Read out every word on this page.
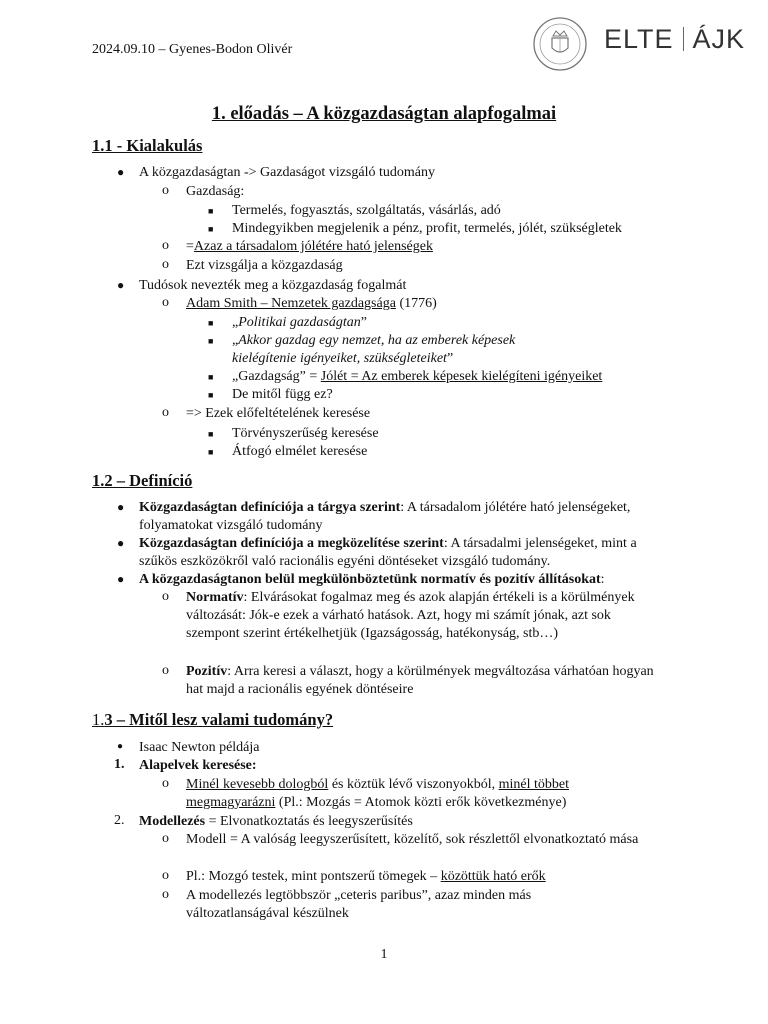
2024.09.10 – Gyenes-Bodon Olivér	ELTE ÁJK
1. előadás – A közgazdaságtan alapfogalmai
1.1 - Kialakulás
● A közgazdaságtan -> Gazdaságot vizsgáló tudomány
o Gazdaság:
■ Termelés, fogyasztás, szolgáltatás, vásárlás, adó
■ Mindegyikben megjelenik a pénz, profit, termelés, jólét, szükségletek
o =Azaz a társadalom jólétére ható jelenségek
o Ezt vizsgálja a közgazdaság
● Tudósok nevezték meg a közgazdaság fogalmát
o Adam Smith – Nemzetek gazdagsága (1776)
■ „Politikai gazdaságtan”
■ „Akkor gazdag egy nemzet, ha az emberek képesek kielégítenie igényeiket, szükségleteiket”
■ „Gazdagság” = Jólét = Az emberek képesek kielégíteni igényeiket
■ De mitől függ ez?
o => Ezek előfeltételének keresése
■ Törvényszerűség keresése
■ Átfogó elmélet keresése
1.2 – Definíció
● Közgazdaságtan definíciója a tárgya szerint: A társadalom jólétére ható jelenségeket, folyamatokat vizsgáló tudomány
● Közgazdaságtan definíciója a megközelítése szerint: A társadalmi jelenségeket, mint a szűkös eszközökről való racionális egyéni döntéseket vizsgáló tudomány.
● A közgazdaságtanon belül megkülönböztetünk normatív és pozitív állításokat:
o Normatív: Elvárásokat fogalmaz meg és azok alapján értékeli is a körülmények változását: Jók-e ezek a várható hatások. Azt, hogy mi számít jónak, azt sok szempont szerint értékelhetjük (Igazságosság, hatékonyság, stb…)
o Pozitív: Arra keresi a választ, hogy a körülmények megváltozása várhatóan hogyan hat majd a racionális egyének döntéseire
1.3 – Mitől lesz valami tudomány?
● Isaac Newton példája
1. Alapelvek keresése:
o Minél kevesebb dologból és köztük lévő viszonyokból, minél többet megmagyarázni (Pl.: Mozgás = Atomok közti erők következménye)
2. Modellezés = Elvonatkoztatás és leegyszerűsítés
o Modell = A valóság leegyszerűsített, közelítő, sok részlettől elvonatkoztató mása
o Pl.: Mozgó testek, mint pontszerű tömegek – közöttük ható erők
o A modellezés legtöbbször „ceteris paribus”, azaz minden más változatlanságával készülnek
1
